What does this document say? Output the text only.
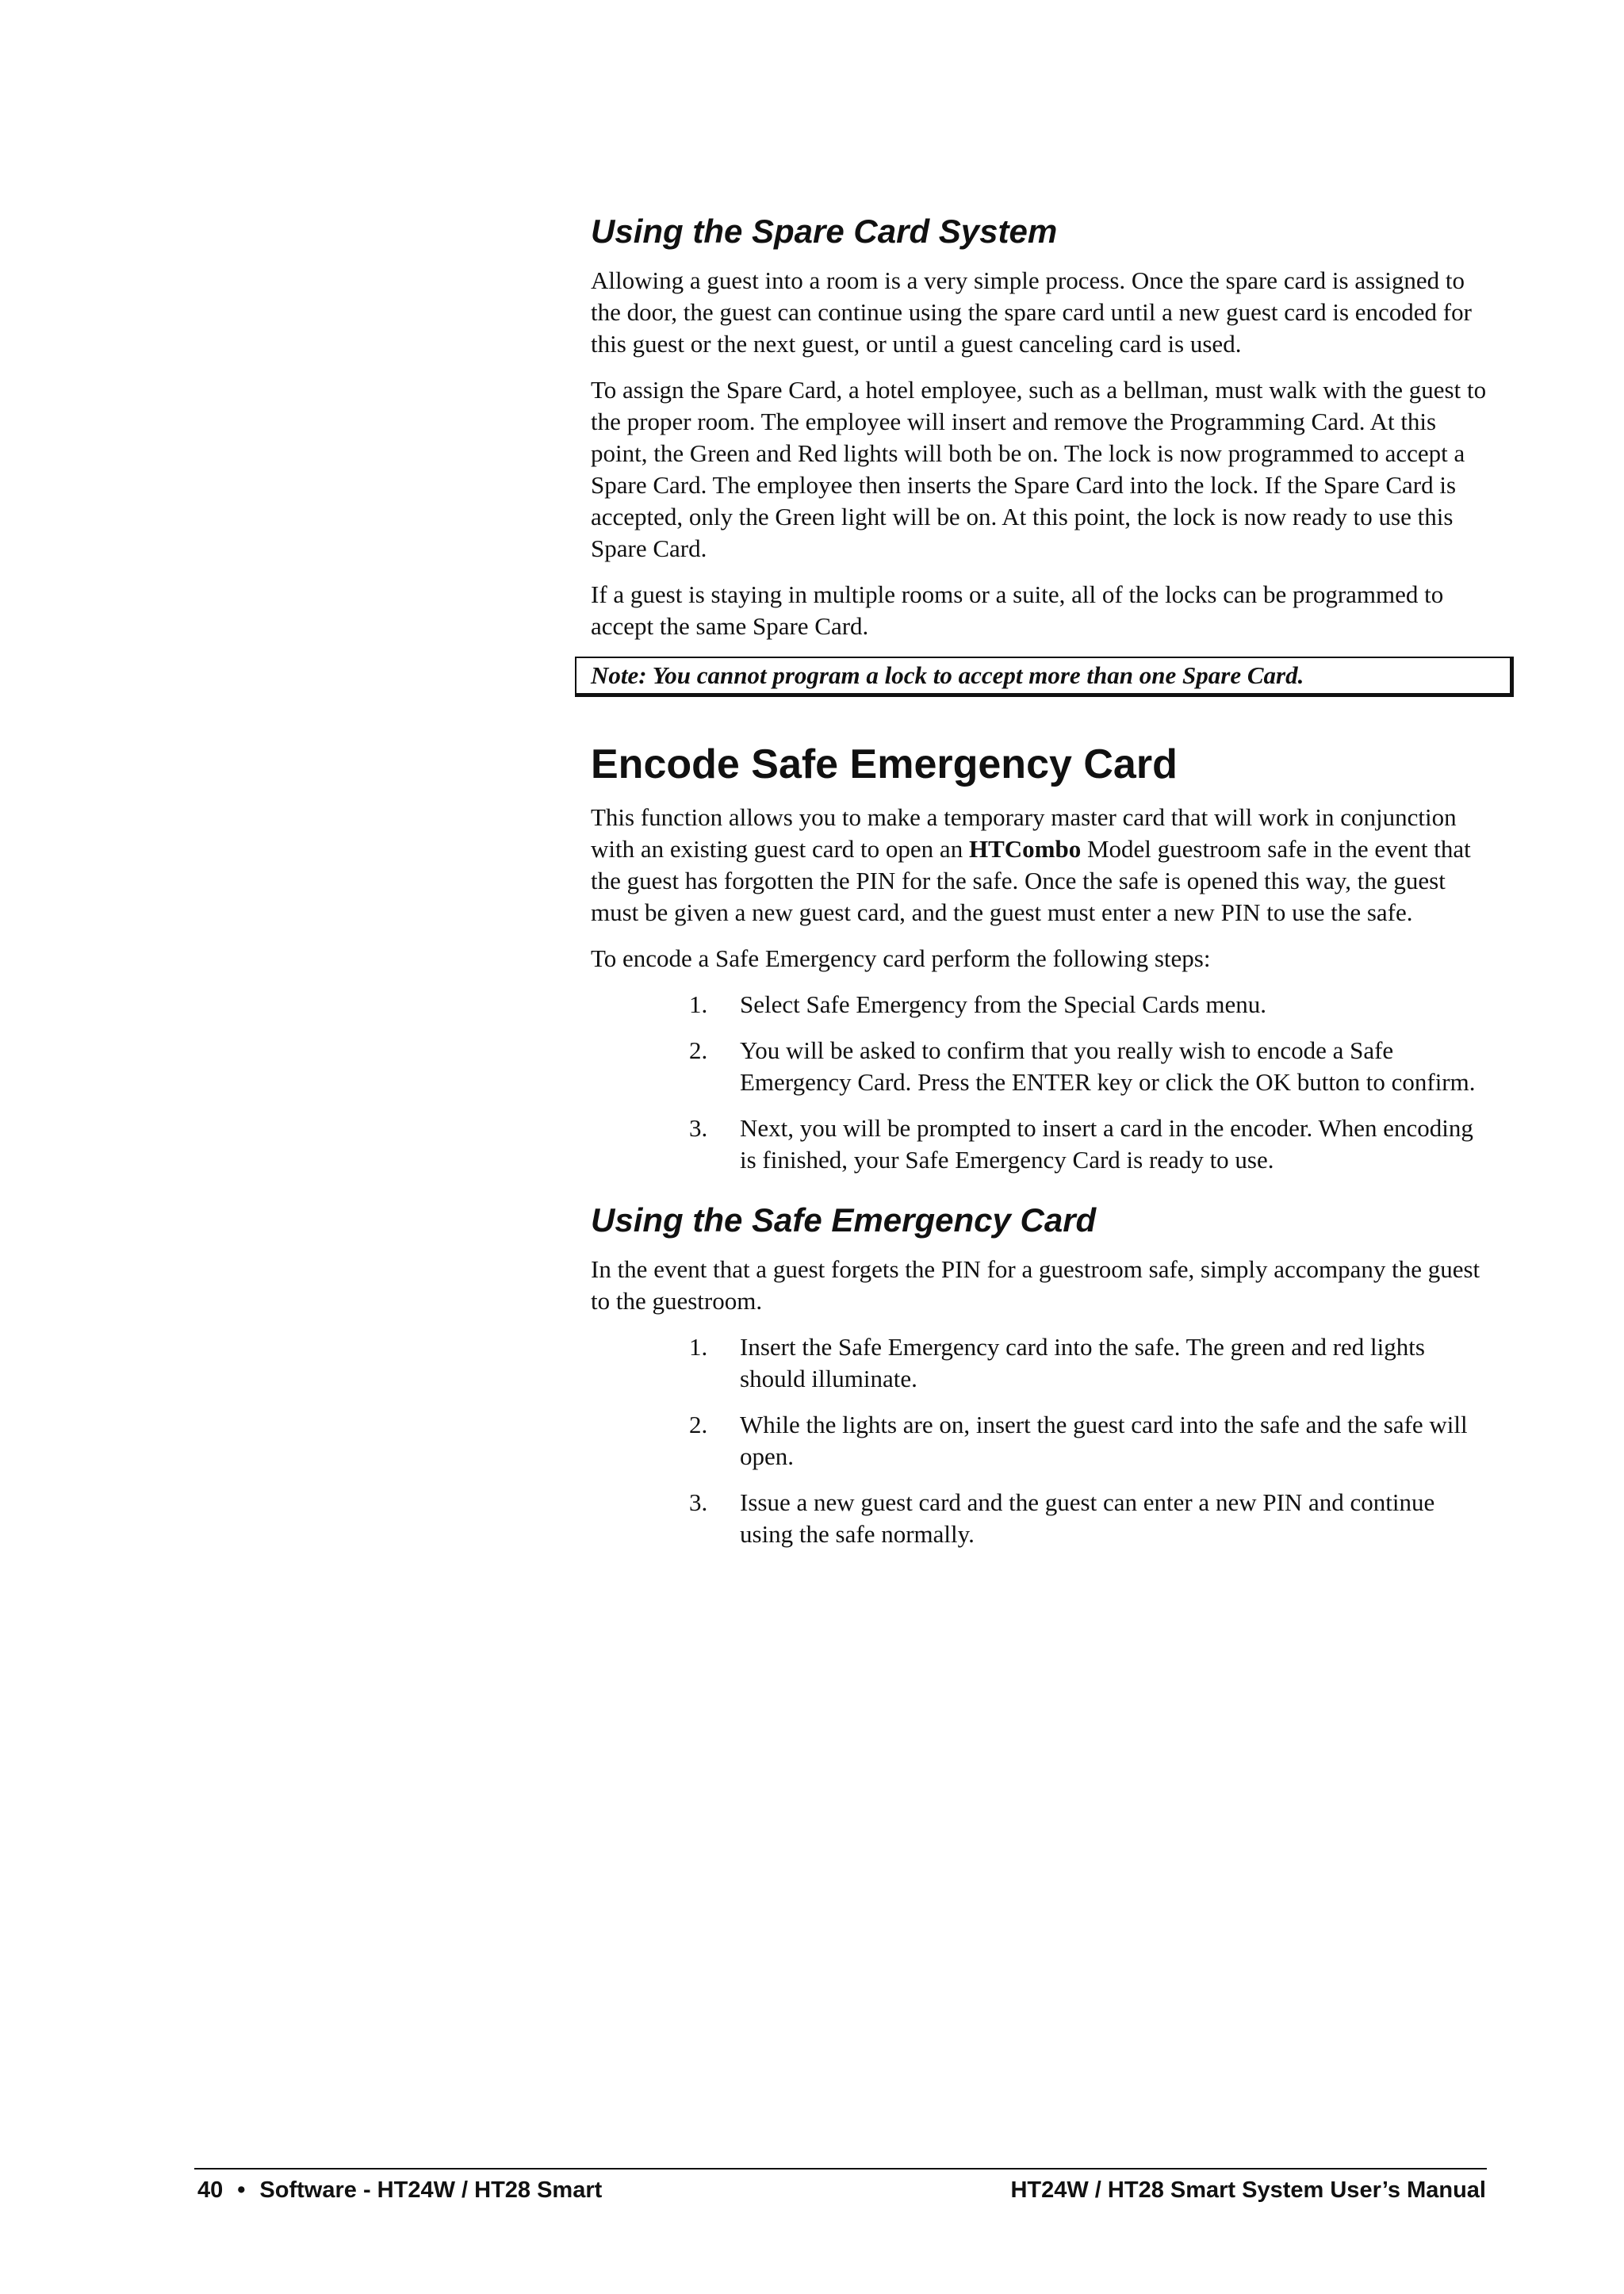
Using the Spare Card System

Allowing a guest into a room is a very simple process. Once the spare card is assigned to the door, the guest can continue using the spare card until a new guest card is encoded for this guest or the next guest, or until a guest canceling card is used.

To assign the Spare Card, a hotel employee, such as a bellman, must walk with the guest to the proper room. The employee will insert and remove the Programming Card. At this point, the Green and Red lights will both be on. The lock is now programmed to accept a Spare Card. The employee then inserts the Spare Card into the lock. If the Spare Card is accepted, only the Green light will be on. At this point, the lock is now ready to use this Spare Card.

If a guest is staying in multiple rooms or a suite, all of the locks can be programmed to accept the same Spare Card.

Note: You cannot program a lock to accept more than one Spare Card.
Encode Safe Emergency Card

This function allows you to make a temporary master card that will work in conjunction with an existing guest card to open an HTCombo Model guestroom safe in the event that the guest has forgotten the PIN for the safe. Once the safe is opened this way, the guest must be given a new guest card, and the guest must enter a new PIN to use the safe.

To encode a Safe Emergency card perform the following steps:

1.	Select Safe Emergency from the Special Cards menu.
2.	You will be asked to confirm that you really wish to encode a Safe Emergency Card. Press the ENTER key or click the OK button to confirm.
3.	Next, you will be prompted to insert a card in the encoder. When encoding is finished, your Safe Emergency Card is ready to use.
Using the Safe Emergency Card

In the event that a guest forgets the PIN for a guestroom safe, simply accompany the guest to the guestroom.

1.	Insert the Safe Emergency card into the safe. The green and red lights should illuminate.
2.	While the lights are on, insert the guest card into the safe and the safe will open.
3.	Issue a new guest card and the guest can enter a new PIN and continue using the safe normally.
40 • Software - HT24W / HT28 Smart	HT24W / HT28 Smart System User’s Manual
